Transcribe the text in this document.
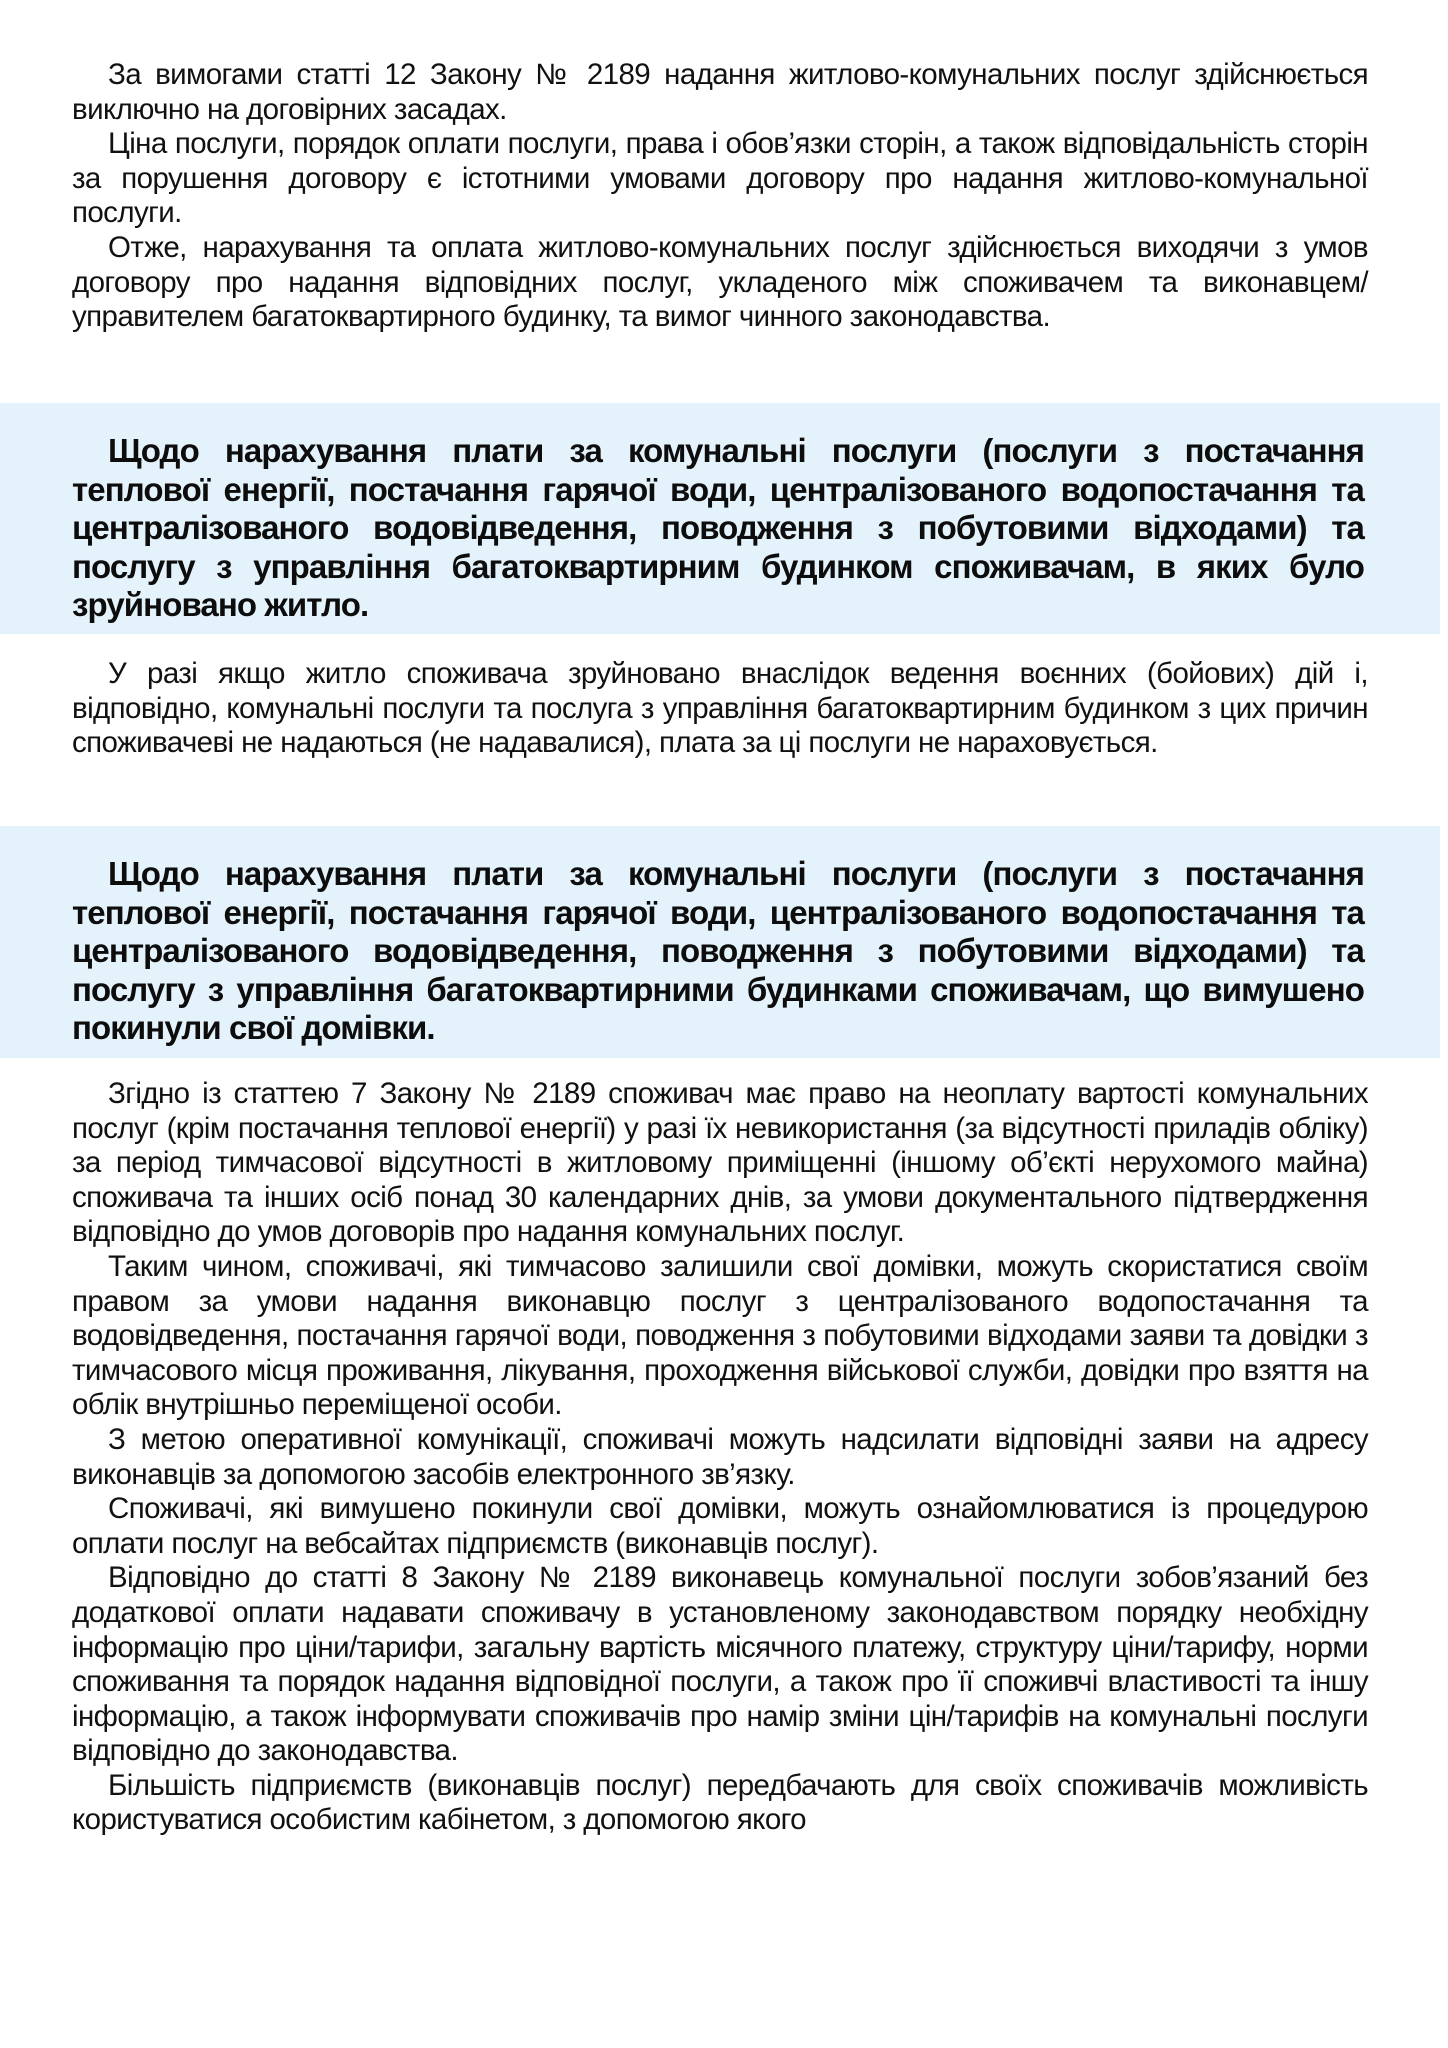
За вимогами статті 12 Закону № 2189 надання житлово-комунальних послуг здійснюється виключно на договірних засадах.

Ціна послуги, порядок оплати послуги, права і обов’язки сторін, а також відповідальність сторін за порушення договору є істотними умовами договору про надання житлово-комунальної послуги.

Отже, нарахування та оплата житлово-комунальних послуг здійснюється виходячи з умов договору про надання відповідних послуг, укладеного між споживачем та виконавцем/управителем багатоквартирного будинку, та вимог чинного законодавства.

Щодо нарахування плати за комунальні послуги (послуги з постачання теплової енергії, постачання гарячої води, централізованого водопостачання та централізованого водовідведення, поводження з побутовими відходами) та послугу з управління багатоквартирним будинком споживачам, в яких було зруйновано житло.

У разі якщо житло споживача зруйновано внаслідок ведення воєнних (бойових) дій і, відповідно, комунальні послуги та послуга з управління багатоквартирним будинком з цих причин споживачеві не надаються (не надавалися), плата за ці послуги не нараховується.

Щодо нарахування плати за комунальні послуги (послуги з постачання теплової енергії, постачання гарячої води, централізованого водопостачання та централізованого водовідведення, поводження з побутовими відходами) та послугу з управління багатоквартирними будинками споживачам, що вимушено покинули свої домівки.

Згідно із статтею 7 Закону № 2189 споживач має право на неоплату вартості комунальних послуг (крім постачання теплової енергії) у разі їх невикористання (за відсутності приладів обліку) за період тимчасової відсутності в житловому приміщенні (іншому об’єкті нерухомого майна) споживача та інших осіб понад 30 календарних днів, за умови документального підтвердження відповідно до умов договорів про надання комунальних послуг.

Таким чином, споживачі, які тимчасово залишили свої домівки, можуть скористатися своїм правом за умови надання виконавцю послуг з централізованого водопостачання та водовідведення, постачання гарячої води, поводження з побутовими відходами заяви та довідки з тимчасового місця проживання, лікування, проходження військової служби, довідки про взяття на облік внутрішньо переміщеної особи.

З метою оперативної комунікації, споживачі можуть надсилати відповідні заяви на адресу виконавців за допомогою засобів електронного зв’язку.

Споживачі, які вимушено покинули свої домівки, можуть ознайомлюватися із процедурою оплати послуг на вебсайтах підприємств (виконавців послуг).

Відповідно до статті 8 Закону № 2189 виконавець комунальної послуги зобов’язаний без додаткової оплати надавати споживачу в установленому законодавством порядку необхідну інформацію про ціни/тарифи, загальну вартість місячного платежу, структуру ціни/тарифу, норми споживання та порядок надання відповідної послуги, а також про її споживчі властивості та іншу інформацію, а також інформувати споживачів про намір зміни цін/тарифів на комунальні послуги відповідно до законодавства.

Більшість підприємств (виконавців послуг) передбачають для своїх споживачів можливість користуватися особистим кабінетом, з допомогою якого
